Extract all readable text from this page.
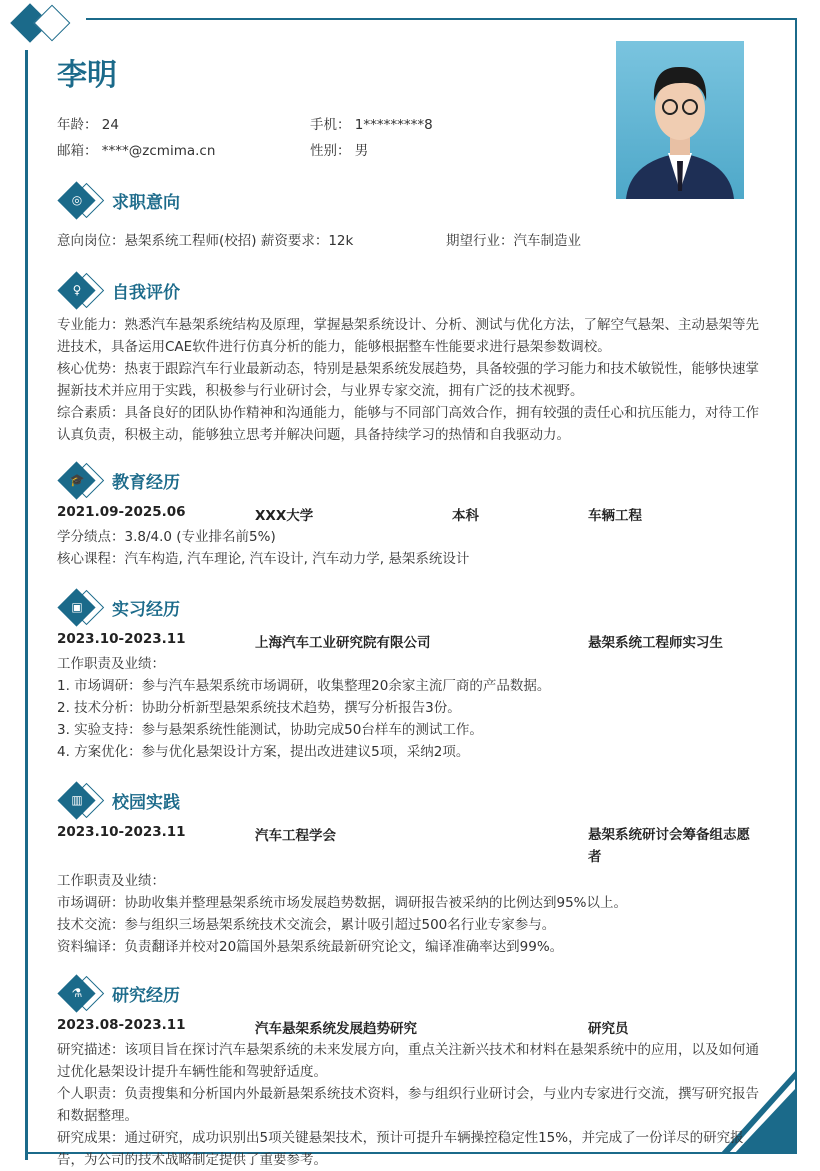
李明
年龄： 24	手机： 1*********8
邮箱： ****@zcmima.cn	性别： 男
◎ 求职意向
意向岗位：悬架系统工程师(校招) 薪资要求：12k	期望行业：汽车制造业
♀ 自我评价
专业能力：熟悉汽车悬架系统结构及原理，掌握悬架系统设计、分析、测试与优化方法，了解空气悬架、主动悬架等先进技术，具备运用CAE软件进行仿真分析的能力，能够根据整车性能要求进行悬架参数调校。
核心优势：热衷于跟踪汽车行业最新动态，特别是悬架系统发展趋势，具备较强的学习能力和技术敏锐性，能够快速掌握新技术并应用于实践，积极参与行业研讨会，与业界专家交流，拥有广泛的技术视野。
综合素质：具备良好的团队协作精神和沟通能力，能够与不同部门高效合作，拥有较强的责任心和抗压能力，对待工作认真负责，积极主动，能够独立思考并解决问题，具备持续学习的热情和自我驱动力。
🎓 教育经历
2021.09-2025.06	XXX大学	本科	车辆工程
学分绩点：3.8/4.0 (专业排名前5%)
核心课程：汽车构造, 汽车理论, 汽车设计, 汽车动力学, 悬架系统设计
▣ 实习经历
2023.10-2023.11	上海汽车工业研究院有限公司	悬架系统工程师实习生
工作职责及业绩：
1. 市场调研：参与汽车悬架系统市场调研，收集整理20余家主流厂商的产品数据。
2. 技术分析：协助分析新型悬架系统技术趋势，撰写分析报告3份。
3. 实验支持：参与悬架系统性能测试，协助完成50台样车的测试工作。
4. 方案优化：参与优化悬架设计方案，提出改进建议5项，采纳2项。
▥ 校园实践
2023.10-2023.11	汽车工程学会	悬架系统研讨会筹备组志愿者
工作职责及业绩：
市场调研：协助收集并整理悬架系统市场发展趋势数据，调研报告被采纳的比例达到95%以上。
技术交流：参与组织三场悬架系统技术交流会，累计吸引超过500名行业专家参与。
资料编译：负责翻译并校对20篇国外悬架系统最新研究论文，编译准确率达到99%。
⚗ 研究经历
2023.08-2023.11	汽车悬架系统发展趋势研究	研究员
研究描述：该项目旨在探讨汽车悬架系统的未来发展方向，重点关注新兴技术和材料在悬架系统中的应用，以及如何通过优化悬架设计提升车辆性能和驾驶舒适度。
个人职责：负责搜集和分析国内外最新悬架系统技术资料，参与组织行业研讨会，与业内专家进行交流，撰写研究报告和数据整理。
研究成果：通过研究，成功识别出5项关键悬架技术，预计可提升车辆操控稳定性15%，并完成了一份详尽的研究报告，为公司的技术战略制定提供了重要参考。
